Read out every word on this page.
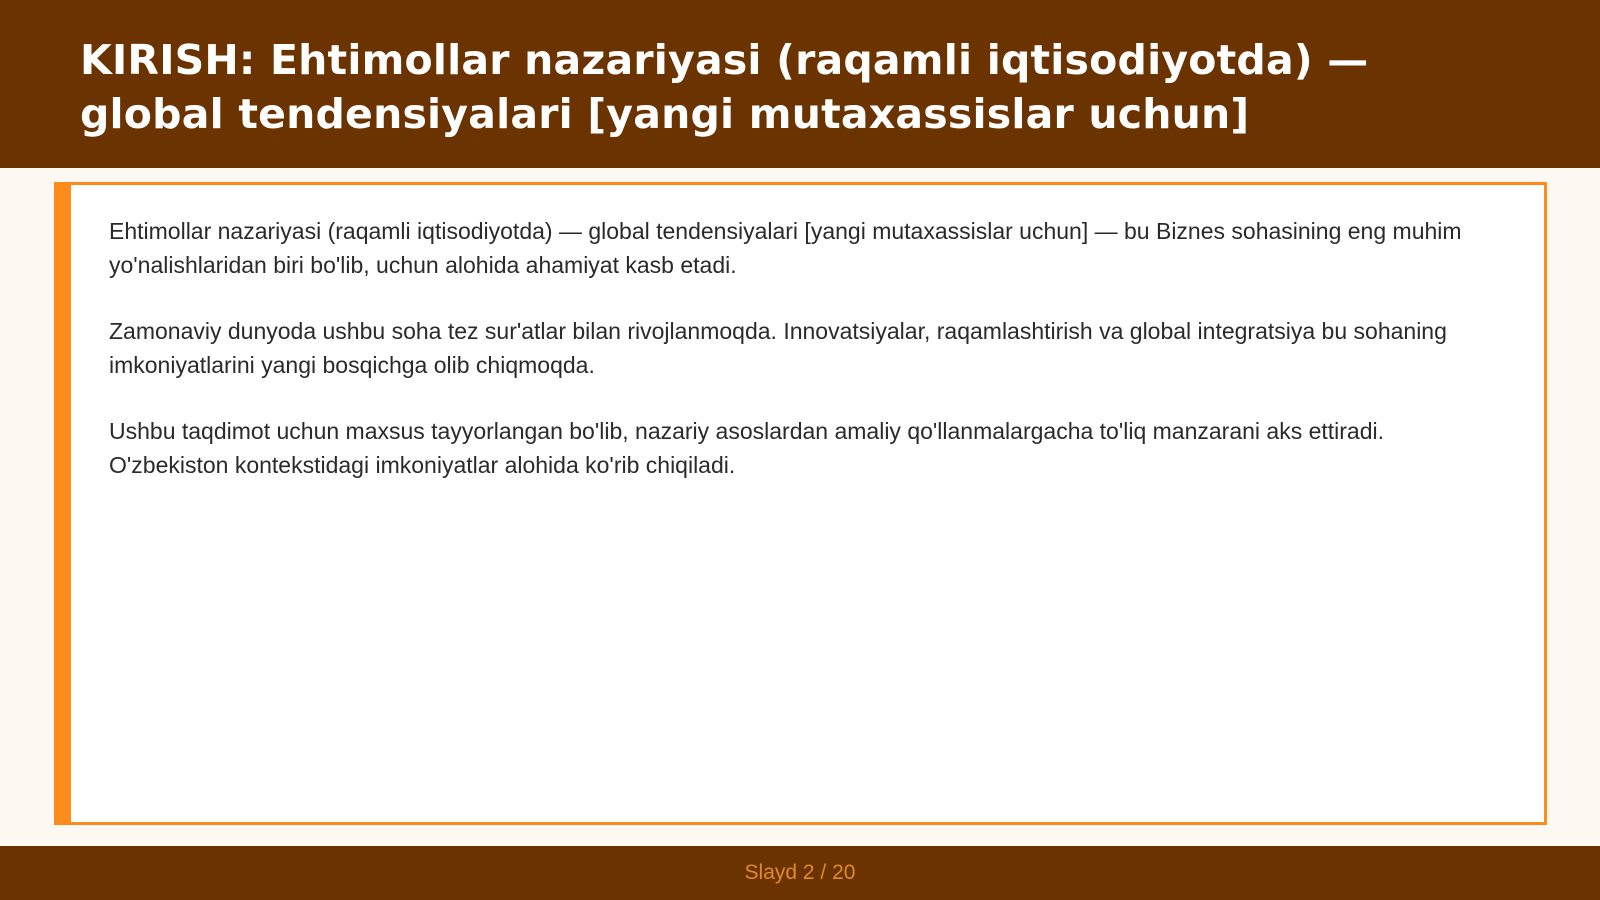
KIRISH: Ehtimollar nazariyasi (raqamli iqtisodiyotda) — global tendensiyalari [yangi mutaxassislar uchun]

Ehtimollar nazariyasi (raqamli iqtisodiyotda) — global tendensiyalari [yangi mutaxassislar uchun] — bu Biznes sohasining eng muhim yo'nalishlaridan biri bo'lib, uchun alohida ahamiyat kasb etadi.

Zamonaviy dunyoda ushbu soha tez sur'atlar bilan rivojlanmoqda. Innovatsiyalar, raqamlashtirish va global integratsiya bu sohaning imkoniyatlarini yangi bosqichga olib chiqmoqda.

Ushbu taqdimot uchun maxsus tayyorlangan bo'lib, nazariy asoslardan amaliy qo'llanmalargacha to'liq manzarani aks ettiradi. O'zbekiston kontekstidagi imkoniyatlar alohida ko'rib chiqiladi.

Slayd 2 / 20
